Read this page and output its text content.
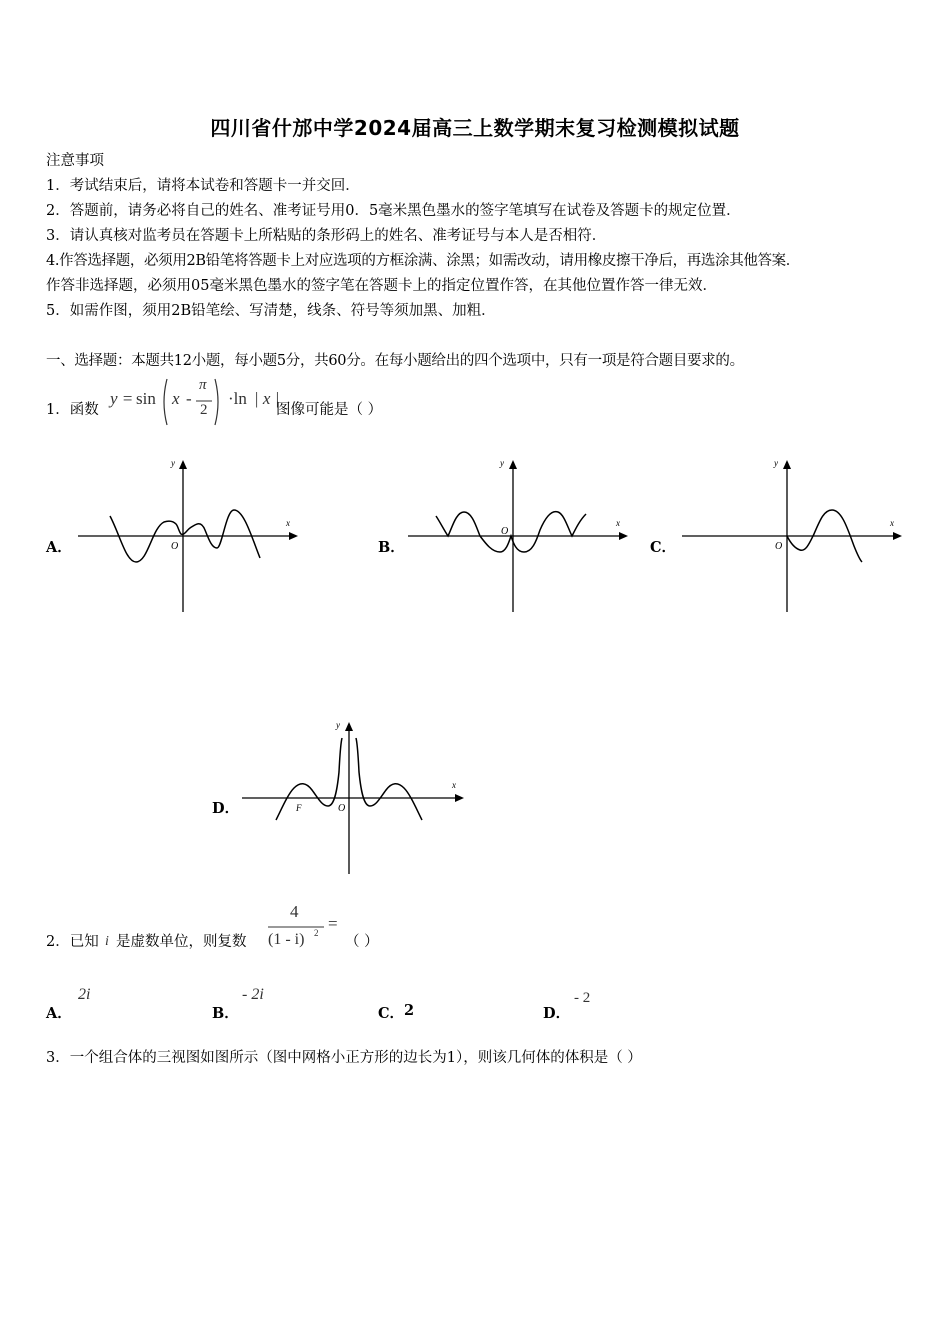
四川省什邡中学2024届高三上数学期末复习检测模拟试题
注意事项
1．考试结束后，请将本试卷和答题卡一并交回．
2．答题前，请务必将自己的姓名、准考证号用0．5毫米黑色墨水的签字笔填写在试卷及答题卡的规定位置．
3．请认真核对监考员在答题卡上所粘贴的条形码上的姓名、准考证号与本人是否相符．
4.作答选择题，必须用2B铅笔将答题卡上对应选项的方框涂满、涂黑；如需改动，请用橡皮擦干净后，再选涂其他答案．
作答非选择题，必须用05毫米黑色墨水的签字笔在答题卡上的指定位置作答，在其他位置作答一律无效．
5．如需作图，须用2B铅笔绘、写清楚，线条、符号等须加黑、加粗．
一、选择题：本题共12小题，每小题5分，共60分。在每小题给出的四个选项中，只有一项是符合题目要求的。
1．函数
y = sin x -
π
2
·ln | x |
图像可能是（ ）
A．
x
y
O	B．
x
y
O
C．
x
y
O
D．
x
y
O
F
2．已知 i 是虚数单位，则复数
4
(1 - i) 2 =
（ ）
A．
2i
B．
- 2i
C． 2	D．
- 2
3．一个组合体的三视图如图所示（图中网格小正方形的边长为1），则该几何体的体积是（ ）
